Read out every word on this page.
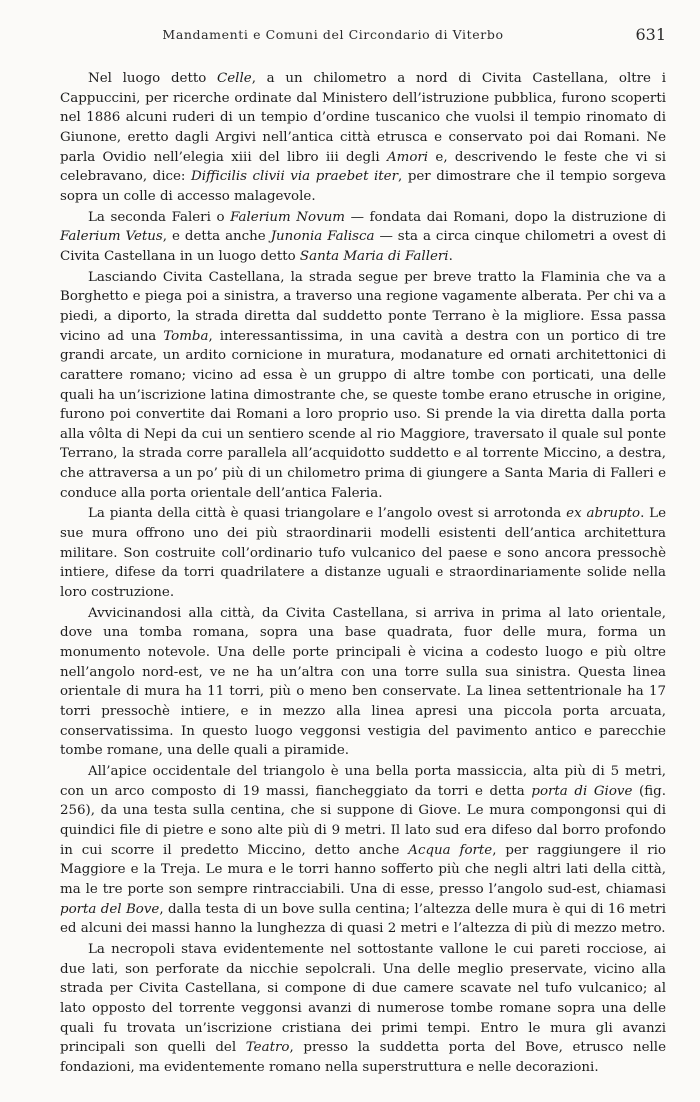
Mandamenti e Comuni del Circondario di Viterbo	631

Nel luogo detto Celle, a un chilometro a nord di Civita Castellana, oltre i Cappuccini, per ricerche ordinate dal Ministero dell’istruzione pubblica, furono scoperti nel 1886 alcuni ruderi di un tempio d’ordine tuscanico che vuolsi il tempio rinomato di Giunone, eretto dagli Argivi nell’antica città etrusca e conservato poi dai Romani. Ne parla Ovidio nell’elegia xiii del libro iii degli Amori e, descrivendo le feste che vi si celebravano, dice: Difficilis clivii via praebet iter, per dimostrare che il tempio sorgeva sopra un colle di accesso malagevole.

La seconda Faleri o Falerium Novum — fondata dai Romani, dopo la distruzione di Falerium Vetus, e detta anche Junonia Falisca — sta a circa cinque chilometri a ovest di Civita Castellana in un luogo detto Santa Maria di Falleri.

Lasciando Civita Castellana, la strada segue per breve tratto la Flaminia che va a Borghetto e piega poi a sinistra, a traverso una regione vagamente alberata. Per chi va a piedi, a diporto, la strada diretta dal suddetto ponte Terrano è la migliore. Essa passa vicino ad una Tomba, interessantissima, in una cavità a destra con un portico di tre grandi arcate, un ardito cornicione in muratura, modanature ed ornati architettonici di carattere romano; vicino ad essa è un gruppo di altre tombe con porticati, una delle quali ha un’iscrizione latina dimostrante che, se queste tombe erano etrusche in origine, furono poi convertite dai Romani a loro proprio uso. Si prende la via diretta dalla porta alla vôlta di Nepi da cui un sentiero scende al rio Maggiore, traversato il quale sul ponte Terrano, la strada corre parallela all’acquidotto suddetto e al torrente Miccino, a destra, che attraversa a un po’ più di un chilometro prima di giungere a Santa Maria di Falleri e conduce alla porta orientale dell’antica Faleria.

La pianta della città è quasi triangolare e l’angolo ovest si arrotonda ex abrupto. Le sue mura offrono uno dei più straordinarii modelli esistenti dell’antica architettura militare. Son costruite coll’ordinario tufo vulcanico del paese e sono ancora pressochè intiere, difese da torri quadrilatere a distanze uguali e straordinariamente solide nella loro costruzione.

Avvicinandosi alla città, da Civita Castellana, si arriva in prima al lato orientale, dove una tomba romana, sopra una base quadrata, fuor delle mura, forma un monumento notevole. Una delle porte principali è vicina a codesto luogo e più oltre nell’angolo nord-est, ve ne ha un’altra con una torre sulla sua sinistra. Questa linea orientale di mura ha 11 torri, più o meno ben conservate. La linea settentrionale ha 17 torri pressochè intiere, e in mezzo alla linea apresi una piccola porta arcuata, conservatissima. In questo luogo veggonsi vestigia del pavimento antico e parecchie tombe romane, una delle quali a piramide.

All’apice occidentale del triangolo è una bella porta massiccia, alta più di 5 metri, con un arco composto di 19 massi, fiancheggiato da torri e detta porta di Giove (fig. 256), da una testa sulla centina, che si suppone di Giove. Le mura compongonsi qui di quindici file di pietre e sono alte più di 9 metri. Il lato sud era difeso dal borro profondo in cui scorre il predetto Miccino, detto anche Acqua forte, per raggiungere il rio Maggiore e la Treja. Le mura e le torri hanno sofferto più che negli altri lati della città, ma le tre porte son sempre rintracciabili. Una di esse, presso l’angolo sud-est, chiamasi porta del Bove, dalla testa di un bove sulla centina; l’altezza delle mura è qui di 16 metri ed alcuni dei massi hanno la lunghezza di quasi 2 metri e l’altezza di più di mezzo metro.

La necropoli stava evidentemente nel sottostante vallone le cui pareti rocciose, ai due lati, son perforate da nicchie sepolcrali. Una delle meglio preservate, vicino alla strada per Civita Castellana, si compone di due camere scavate nel tufo vulcanico; al lato opposto del torrente veggonsi avanzi di numerose tombe romane sopra una delle quali fu trovata un’iscrizione cristiana dei primi tempi. Entro le mura gli avanzi principali son quelli del Teatro, presso la suddetta porta del Bove, etrusco nelle fondazioni, ma evidentemente romano nella superstruttura e nelle decorazioni.
